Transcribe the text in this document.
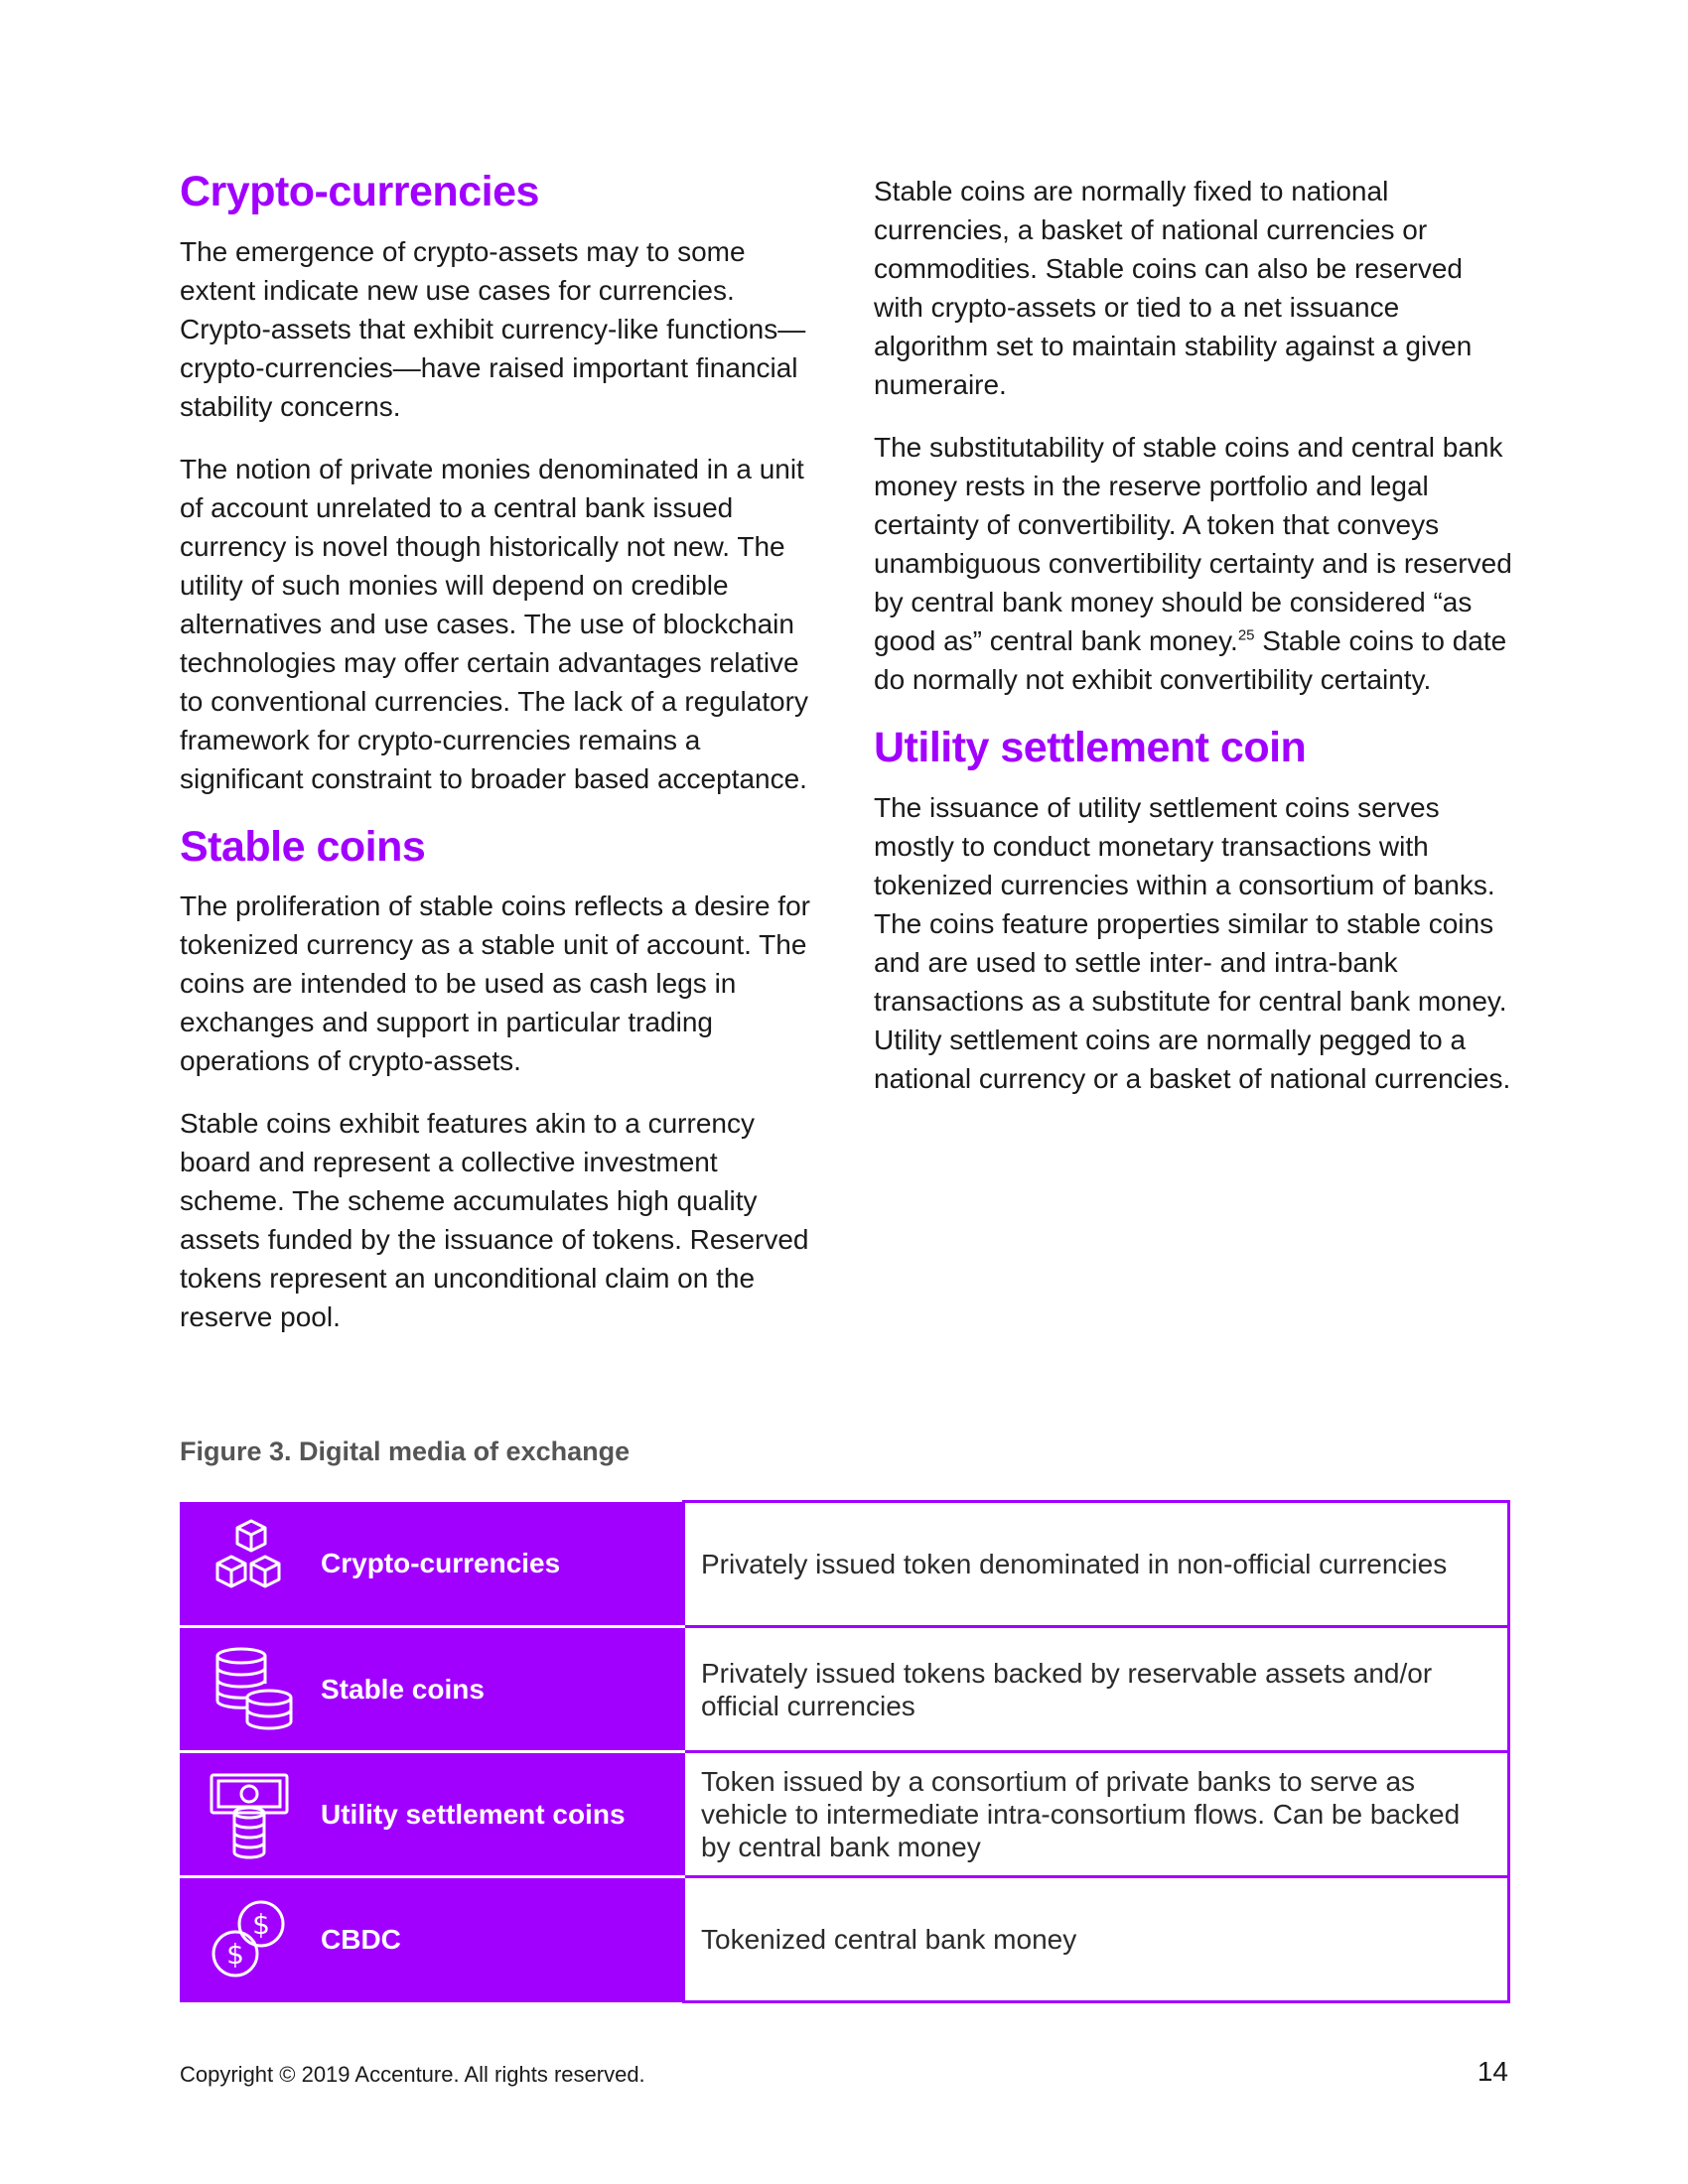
Crypto-currencies

The emergence of crypto-assets may to some extent indicate new use cases for currencies. Crypto-assets that exhibit currency-like functions—crypto-currencies—have raised important financial stability concerns.

The notion of private monies denominated in a unit of account unrelated to a central bank issued currency is novel though historically not new. The utility of such monies will depend on credible alternatives and use cases. The use of blockchain technologies may offer certain advantages relative to conventional currencies. The lack of a regulatory framework for crypto-currencies remains a significant constraint to broader based acceptance.

Stable coins

The proliferation of stable coins reflects a desire for tokenized currency as a stable unit of account. The coins are intended to be used as cash legs in exchanges and support in particular trading operations of crypto-assets.

Stable coins exhibit features akin to a currency board and represent a collective investment scheme. The scheme accumulates high quality assets funded by the issuance of tokens. Reserved tokens represent an unconditional claim on the reserve pool.

Stable coins are normally fixed to national currencies, a basket of national currencies or commodities. Stable coins can also be reserved with crypto-assets or tied to a net issuance algorithm set to maintain stability against a given numeraire.

The substitutability of stable coins and central bank money rests in the reserve portfolio and legal certainty of convertibility. A token that conveys unambiguous convertibility certainty and is reserved by central bank money should be considered “as good as” central bank money.$^{25}$ Stable coins to date do normally not exhibit convertibility certainty.

Utility settlement coin

The issuance of utility settlement coins serves mostly to conduct monetary transactions with tokenized currencies within a consortium of banks. The coins feature properties similar to stable coins and are used to settle inter- and intra-bank transactions as a substitute for central bank money. Utility settlement coins are normally pegged to a national currency or a basket of national currencies.

Figure 3. Digital media of exchange

Crypto-currencies	Privately issued token denominated in non-official currencies

Stable coins	Privately issued tokens backed by reservable assets and/or official currencies

Utility settlement coins	Token issued by a consortium of private banks to serve as vehicle to intermediate intra-consortium flows. Can be backed by central bank money

$
$ CBDC	Tokenized central bank money
Copyright © 2019 Accenture. All rights reserved.	14
